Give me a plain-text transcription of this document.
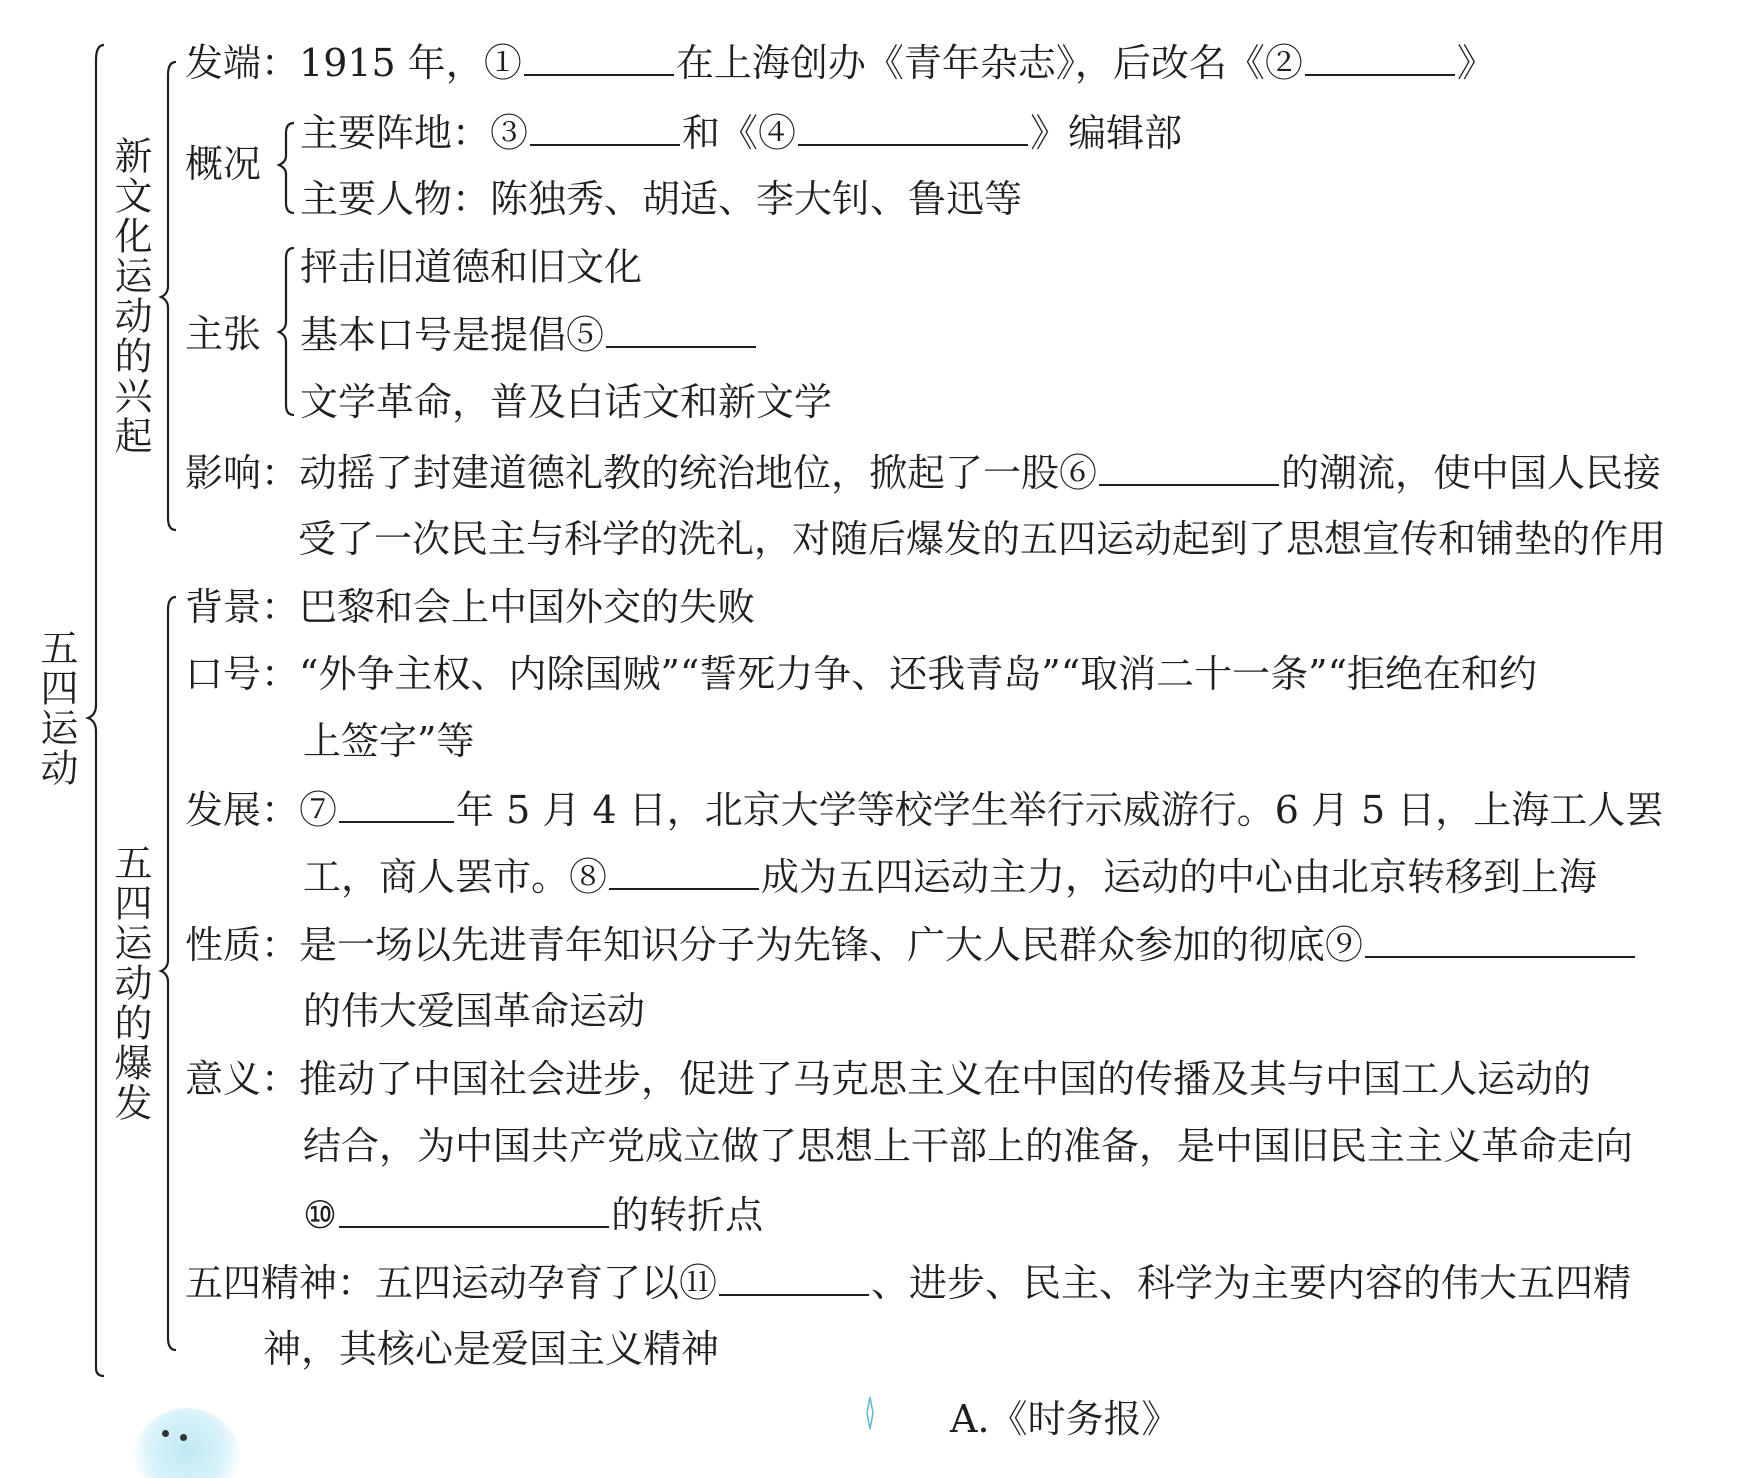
五四运动
新文化运动的兴起
五四运动的爆发
发端：1915 年，①	在上海创办《青年杂志》，后改名《②	》
概况
主要阵地：③	和《④	》编辑部
主要人物：陈独秀、胡适、李大钊、鲁迅等
主张
抨击旧道德和旧文化
基本口号是提倡⑤
文学革命，普及白话文和新文学
影响：动摇了封建道德礼教的统治地位，掀起了一股⑥	的潮流，使中国人民接
受了一次民主与科学的洗礼，对随后爆发的五四运动起到了思想宣传和铺垫的作用
背景：巴黎和会上中国外交的失败
口号：“外争主权、内除国贼”“誓死力争、还我青岛”“取消二十一条”“拒绝在和约
上签字”等
发展：⑦	年 5 月 4 日，北京大学等校学生举行示威游行。6 月 5 日，上海工人罢
工，商人罢市。⑧	成为五四运动主力，运动的中心由北京转移到上海
性质：是一场以先进青年知识分子为先锋、广大人民群众参加的彻底⑨
的伟大爱国革命运动
意义：推动了中国社会进步，促进了马克思主义在中国的传播及其与中国工人运动的
结合，为中国共产党成立做了思想上干部上的准备，是中国旧民主主义革命走向
⑩	的转折点
五四精神：五四运动孕育了以⑪	、进步、民主、科学为主要内容的伟大五四精
神，其核心是爱国主义精神
A.《时务报》
